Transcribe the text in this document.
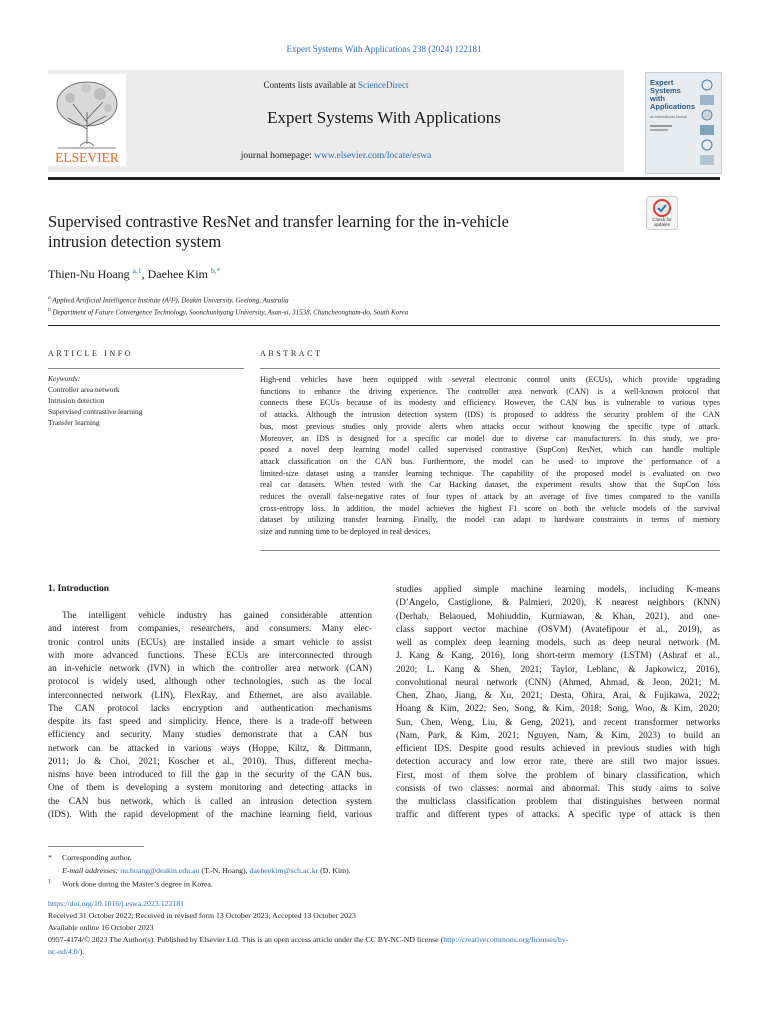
Expert Systems With Applications 238 (2024) 122181
ELSEVIER
Contents lists available at ScienceDirect
Expert Systems With Applications
journal homepage: www.elsevier.com/locate/eswa
Expert
Systems
with
Applications
An International Journal
Supervised contrastive ResNet and transfer learning for the in-vehicle
intrusion detection system
Check for updates
Thien-Nu Hoang $^{a,1}$, Daehee Kim $^{b,*}$
$^a$ Applied Artificial Intelligence Institute (A²I²), Deakin University, Geelong, Australia
$^b$ Department of Future Convergence Technology, Soonchunhyang University, Asan-si, 31538, Chuncheongnam-do, South Korea
ARTICLE INFO
Keywords:
Controller area network
Intrusion detection
Supervised contrastive learning
Transfer learning
ABSTRACT
High-end vehicles have been equipped with several electronic control units (ECUs), which provide upgrading
functions to enhance the driving experience. The controller area network (CAN) is a well-known protocol that
connects these ECUs because of its modesty and efficiency. However, the CAN bus is vulnerable to various types
of attacks. Although the intrusion detection system (IDS) is proposed to address the security problem of the CAN
bus, most previous studies only provide alerts when attacks occur without knowing the specific type of attack.
Moreover, an IDS is designed for a specific car model due to diverse car manufacturers. In this study, we pro-
posed a novel deep learning model called supervised contrastive (SupCon) ResNet, which can handle multiple
attack classification on the CAN bus. Furthermore, the model can be used to improve the performance of a
limited-size dataset using a transfer learning technique. The capability of the proposed model is evaluated on two
real car datasets. When tested with the Car Hacking dataset, the experiment results show that the SupCon loss
reduces the overall false-negative rates of four types of attack by an average of five times compared to the vanilla
cross-entropy loss. In addition, the model achieves the highest F1 score on both the vehicle models of the survival
dataset by utilizing transfer learning. Finally, the model can adapt to hardware constraints in terms of memory
size and running time to be deployed in real devices.
1. Introduction
The intelligent vehicle industry has gained considerable attention
and interest from companies, researchers, and consumers. Many elec-
tronic control units (ECUs) are installed inside a smart vehicle to assist
with more advanced functions. These ECUs are interconnected through
an in-vehicle network (IVN) in which the controller area network (CAN)
protocol is widely used, although other technologies, such as the local
interconnected network (LIN), FlexRay, and Ethernet, are also available.
The CAN protocol lacks encryption and authentication mechanisms
despite its fast speed and simplicity. Hence, there is a trade-off between
efficiency and security. Many studies demonstrate that a CAN bus
network can be attacked in various ways (Hoppe, Kiltz, & Dittmann,
2011; Jo & Choi, 2021; Koscher et al., 2010). Thus, different mecha-
nisms have been introduced to fill the gap in the security of the CAN bus.
One of them is developing a system monitoring and detecting attacks in
the CAN bus network, which is called an intrusion detection system
(IDS). With the rapid development of the machine learning field, various
studies applied simple machine learning models, including K-means
(D’Angelo, Castiglione, & Palmieri, 2020), K nearest neighbors (KNN)
(Derhab, Belaoued, Mohiuddin, Kurniawan, & Khan, 2021), and one-
class support vector machine (OSVM) (Avatefipour et al., 2019), as
well as complex deep learning models, such as deep neural network (M.
J. Kang & Kang, 2016), long short-term memory (LSTM) (Ashraf et al.,
2020; L. Kang & Shen, 2021; Taylor, Leblanc, & Japkowicz, 2016),
convolutional neural network (CNN) (Ahmed, Ahmad, & Jeon, 2021; M.
Chen, Zhao, Jiang, & Xu, 2021; Desta, Ohira, Arai, & Fujikawa, 2022;
Hoang & Kim, 2022; Seo, Song, & Kim, 2018; Song, Woo, & Kim, 2020;
Sun, Chen, Weng, Liu, & Geng, 2021), and recent transformer networks
(Nam, Park, & Kim, 2021; Nguyen, Nam, & Kim, 2023) to build an
efficient IDS. Despite good results achieved in previous studies with high
detection accuracy and low error rate, there are still two major issues.
First, most of them solve the problem of binary classification, which
consists of two classes: normal and abnormal. This study aims to solve
the multiclass classification problem that distinguishes between normal
traffic and different types of attacks. A specific type of attack is then
* Corresponding author.
E-mail addresses: nu.hoang@deakin.edu.au (T.-N. Hoang), daeheekim@sch.ac.kr (D. Kim).
1 Work done during the Master’s degree in Korea.
https://doi.org/10.1016/j.eswa.2023.122181
Received 31 October 2022; Received in revised form 13 October 2023; Accepted 13 October 2023
Available online 16 October 2023
0957-4174/© 2023 The Author(s). Published by Elsevier Ltd. This is an open access article under the CC BY-NC-ND license (http://creativecommons.org/licenses/by-
nc-nd/4.0/).
